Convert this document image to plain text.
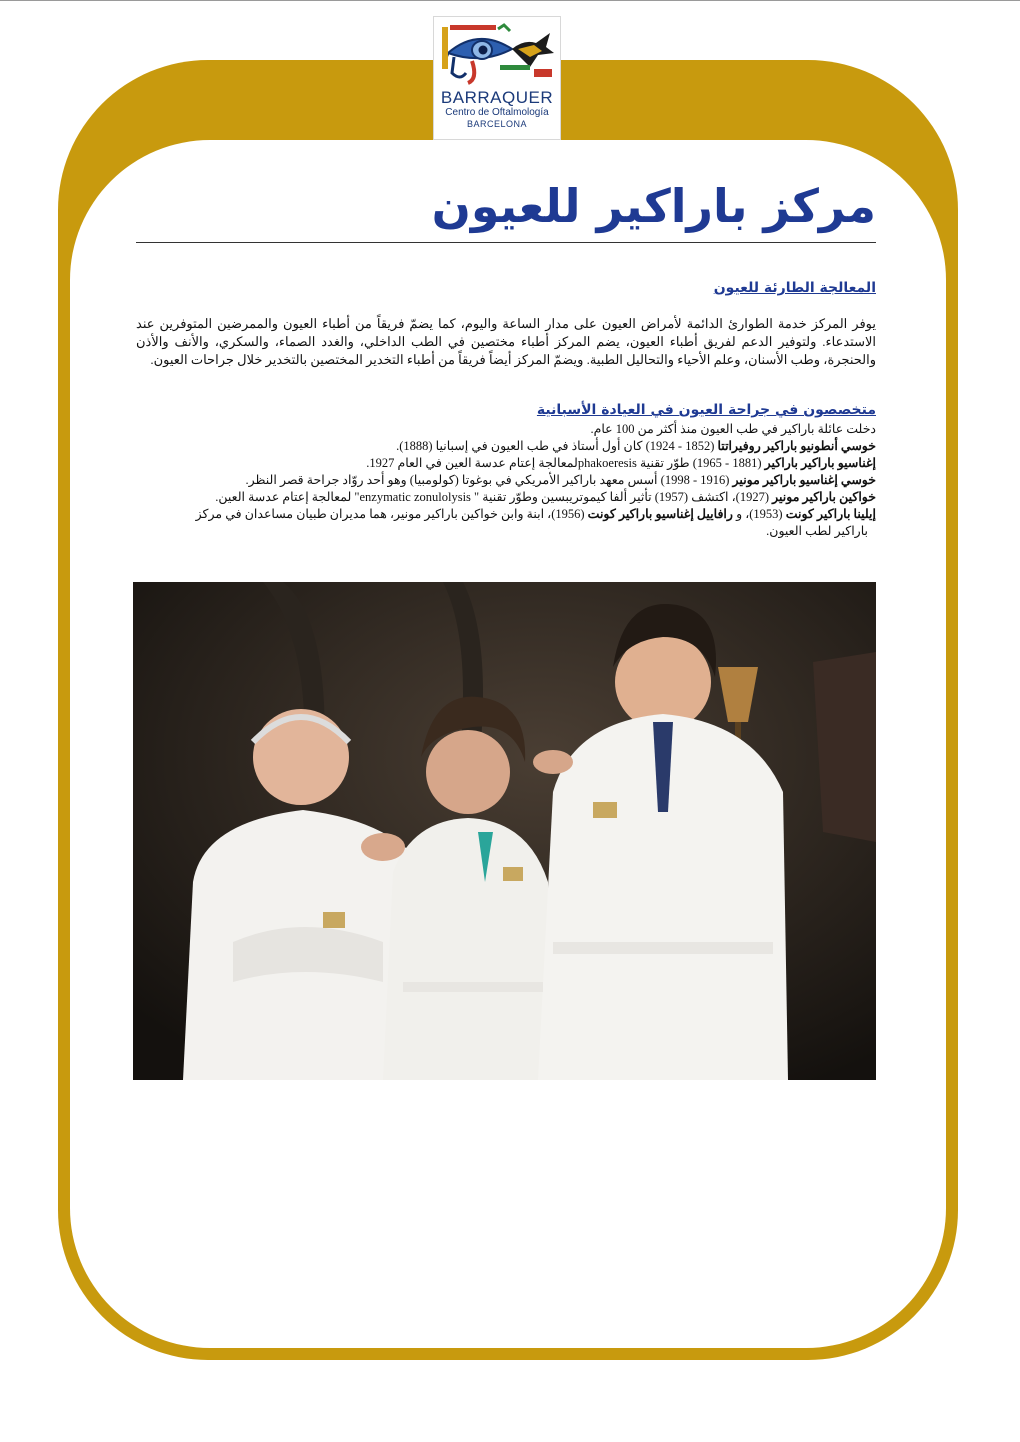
BARRAQUER
Centro de Oftalmología
BARCELONA
مركز باراكير للعيون
المعالجة الطارئة للعيون

يوفر المركز خدمة الطوارئ الدائمة لأمراض العيون على مدار الساعة واليوم، كما يضمّ فريقاً من أطباء العيون والممرضين المتوفرين عند الاستدعاء. ولتوفير الدعم لفريق أطباء العيون، يضم المركز أطباء مختصين في الطب الداخلي، والغدد الصماء، والسكري، والأنف والأذن والحنجرة، وطب الأسنان، وعلم الأحياء والتحاليل الطبية. ويضمّ المركز أيضاً فريقاً من أطباء التخدير المختصين بالتخدير خلال جراحات العيون.

متخصصون في جراحة العيون في العيادة الأسبانية
دخلت عائلة باراكير في طب العيون منذ أكثر من 100 عام.
خوسي أنطونيو باراكير روفيراتتا (1852 - 1924) كان أول أستاذ في طب العيون في إسبانيا (1888).
إغناسيو باراكير باراكير (1881 - 1965) طوّر تقنية phakoeresisلمعالجة إعتام عدسة العين في العام 1927.
خوسي إغناسيو باراكير مونير (1916 - 1998) أسس معهد باراكير الأمريكي في بوغوتا (كولومبيا) وهو أحد روّاد جراحة قصر النظر.
خواكين باراكير مونير (1927)، اكتشف (1957) تأثير ألفا كيموتريبسين وطوّر تقنية " enzymatic zonulolysis" لمعالجة إعتام عدسة العين.
إيلينا باراكير كونت (1953)، و رافاييل إغناسيو باراكير كونت (1956)، ابنة وابن خواكين باراكير مونير، هما مديران طبيان مساعدان في مركز
باراكير لطب العيون.
